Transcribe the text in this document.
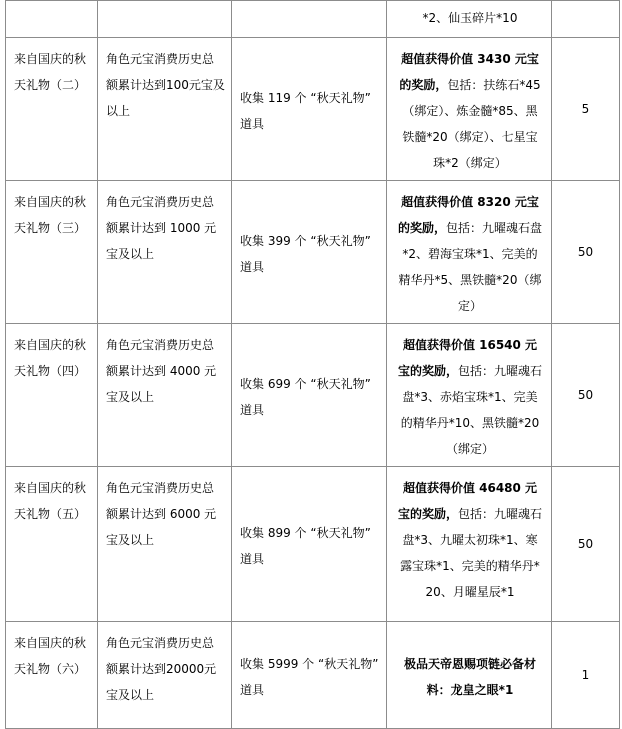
			*2、仙玉碎片*10	
来自国庆的秋天礼物（二）	角色元宝消费历史总额累计达到100元宝及以上	收集 119 个 “秋天礼物” 道具	超值获得价值 3430 元宝的奖励，包括：扶练石*45（绑定）、炼金髓*85、黑铁髓*20（绑定）、七星宝珠*2（绑定）	5
来自国庆的秋天礼物（三）	角色元宝消费历史总额累计达到 1000 元宝及以上	收集 399 个 “秋天礼物” 道具	超值获得价值 8320 元宝的奖励，包括：九曜魂石盘*2、碧海宝珠*1、完美的精华丹*5、黑铁髓*20（绑定）	50
来自国庆的秋天礼物（四）	角色元宝消费历史总额累计达到 4000 元宝及以上	收集 699 个 “秋天礼物” 道具	超值获得价值 16540 元宝的奖励，包括：九曜魂石盘*3、赤焰宝珠*1、完美的精华丹*10、黑铁髓*20（绑定）	50
来自国庆的秋天礼物（五）	角色元宝消费历史总额累计达到 6000 元宝及以上	收集 899 个 “秋天礼物” 道具	超值获得价值 46480 元宝的奖励，包括：九曜魂石盘*3、九曜太初珠*1、寒露宝珠*1、完美的精华丹*20、月曜星辰*1	50
来自国庆的秋天礼物（六）	角色元宝消费历史总额累计达到20000元宝及以上	收集 5999 个 “秋天礼物” 道具	极品天帝恩赐项链必备材料：龙皇之眼*1	1
